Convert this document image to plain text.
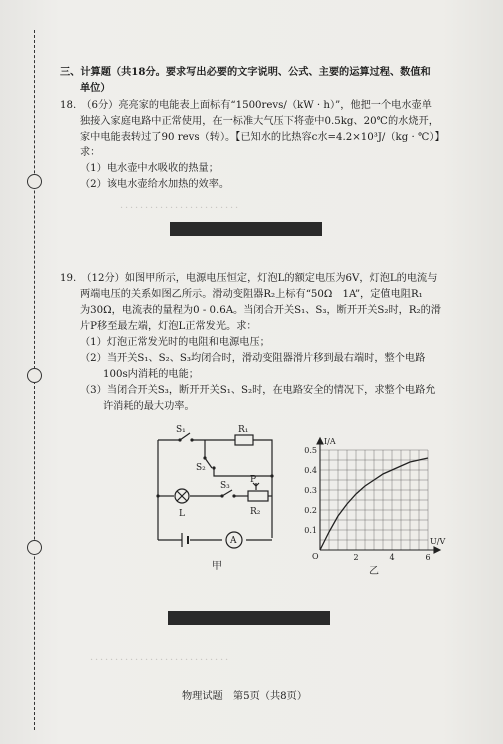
．．．．．．．．．．．．．．．．．．．．．．．．
．．．．．．．．．．．．．．．．．．．．．．．．．．．．
三、计算题（共18分。要求写出必要的文字说明、公式、主要的运算过程、数值和
单位）
18.　（6分）亮亮家的电能表上面标有“1500revs/（kW · h）”，他把一个电水壶单
独接入家庭电路中正常使用，在一标准大气压下将壶中0.5kg、20℃的水烧开，
家中电能表转过了90 revs（转）。【已知水的比热容c水=4.2×10³J/（kg · ℃）】
求：
（1）电水壶中水吸收的热量；
（2）该电水壶给水加热的效率。
19.　（12分）如图甲所示，电源电压恒定，灯泡L的额定电压为6V，灯泡L的电流与
两端电压的关系如图乙所示。滑动变阻器R₂上标有“50Ω　1A”，定值电阻R₁
为30Ω，电流表的量程为0 - 0.6A。当闭合开关S₁、S₃，断开开关S₂时，R₂的滑
片P移至最左端，灯泡L正常发光。求：
（1）灯泡正常发光时的电阻和电源电压；
（2）当开关S₁、S₂、S₃均闭合时，滑动变阻器滑片移到最右端时，整个电路
100s内消耗的电能；
（3）当闭合开关S₃，断开开关S₁、S₂时，在电路安全的情况下，求整个电路允
许消耗的最大功率。
S₁	R₁
S₂
S₃
P
R₂
L
A
甲
I/A
U/V
O
0.1
0.2
0.3
0.4
0.5
2	4	6
乙
物理试题　第5页（共8页）
